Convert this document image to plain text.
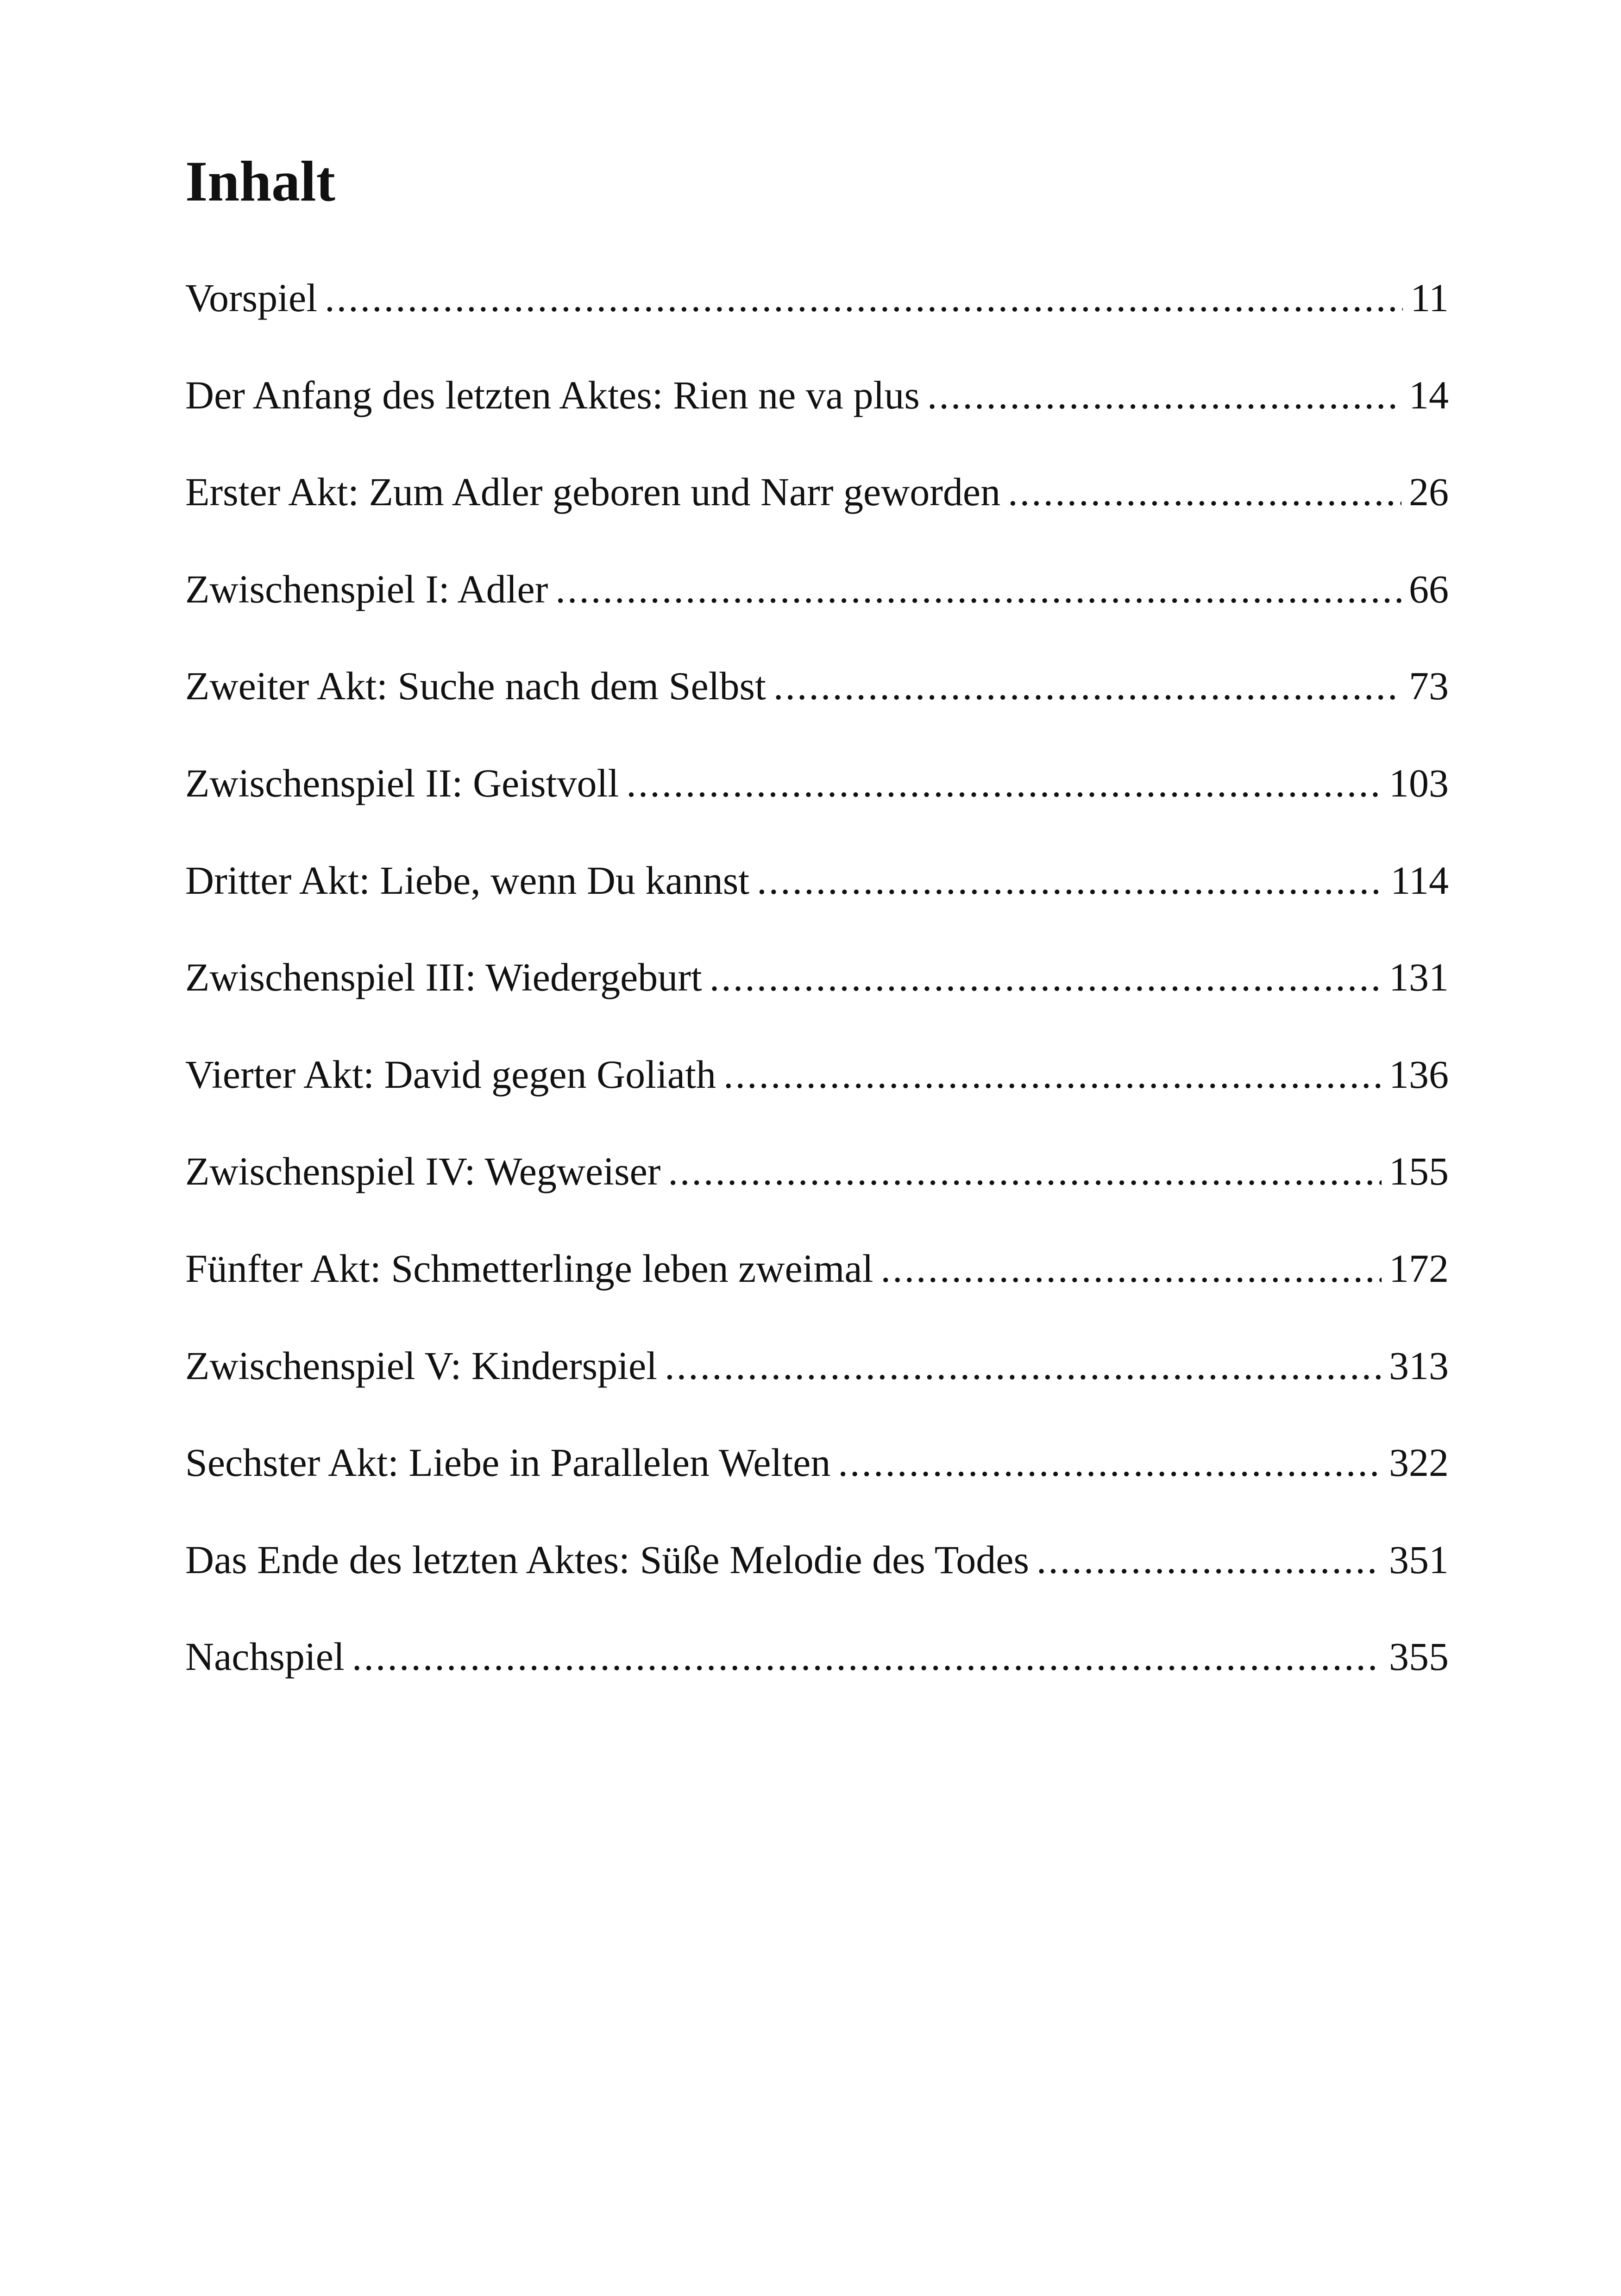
Inhalt
Vorspiel .....	11
Der Anfang des letzten Aktes: Rien ne va plus .....	14
Erster Akt: Zum Adler geboren und Narr geworden .....	26
Zwischenspiel I: Adler .....	66
Zweiter Akt: Suche nach dem Selbst .....	73
Zwischenspiel II: Geistvoll .....	103
Dritter Akt: Liebe, wenn Du kannst .....	114
Zwischenspiel III: Wiedergeburt .....	131
Vierter Akt: David gegen Goliath .....	136
Zwischenspiel IV: Wegweiser .....	155
Fünfter Akt: Schmetterlinge leben zweimal .....	172
Zwischenspiel V: Kinderspiel .....	313
Sechster Akt: Liebe in Parallelen Welten .....	322
Das Ende des letzten Aktes: Süße Melodie des Todes .....	351
Nachspiel .....	355
